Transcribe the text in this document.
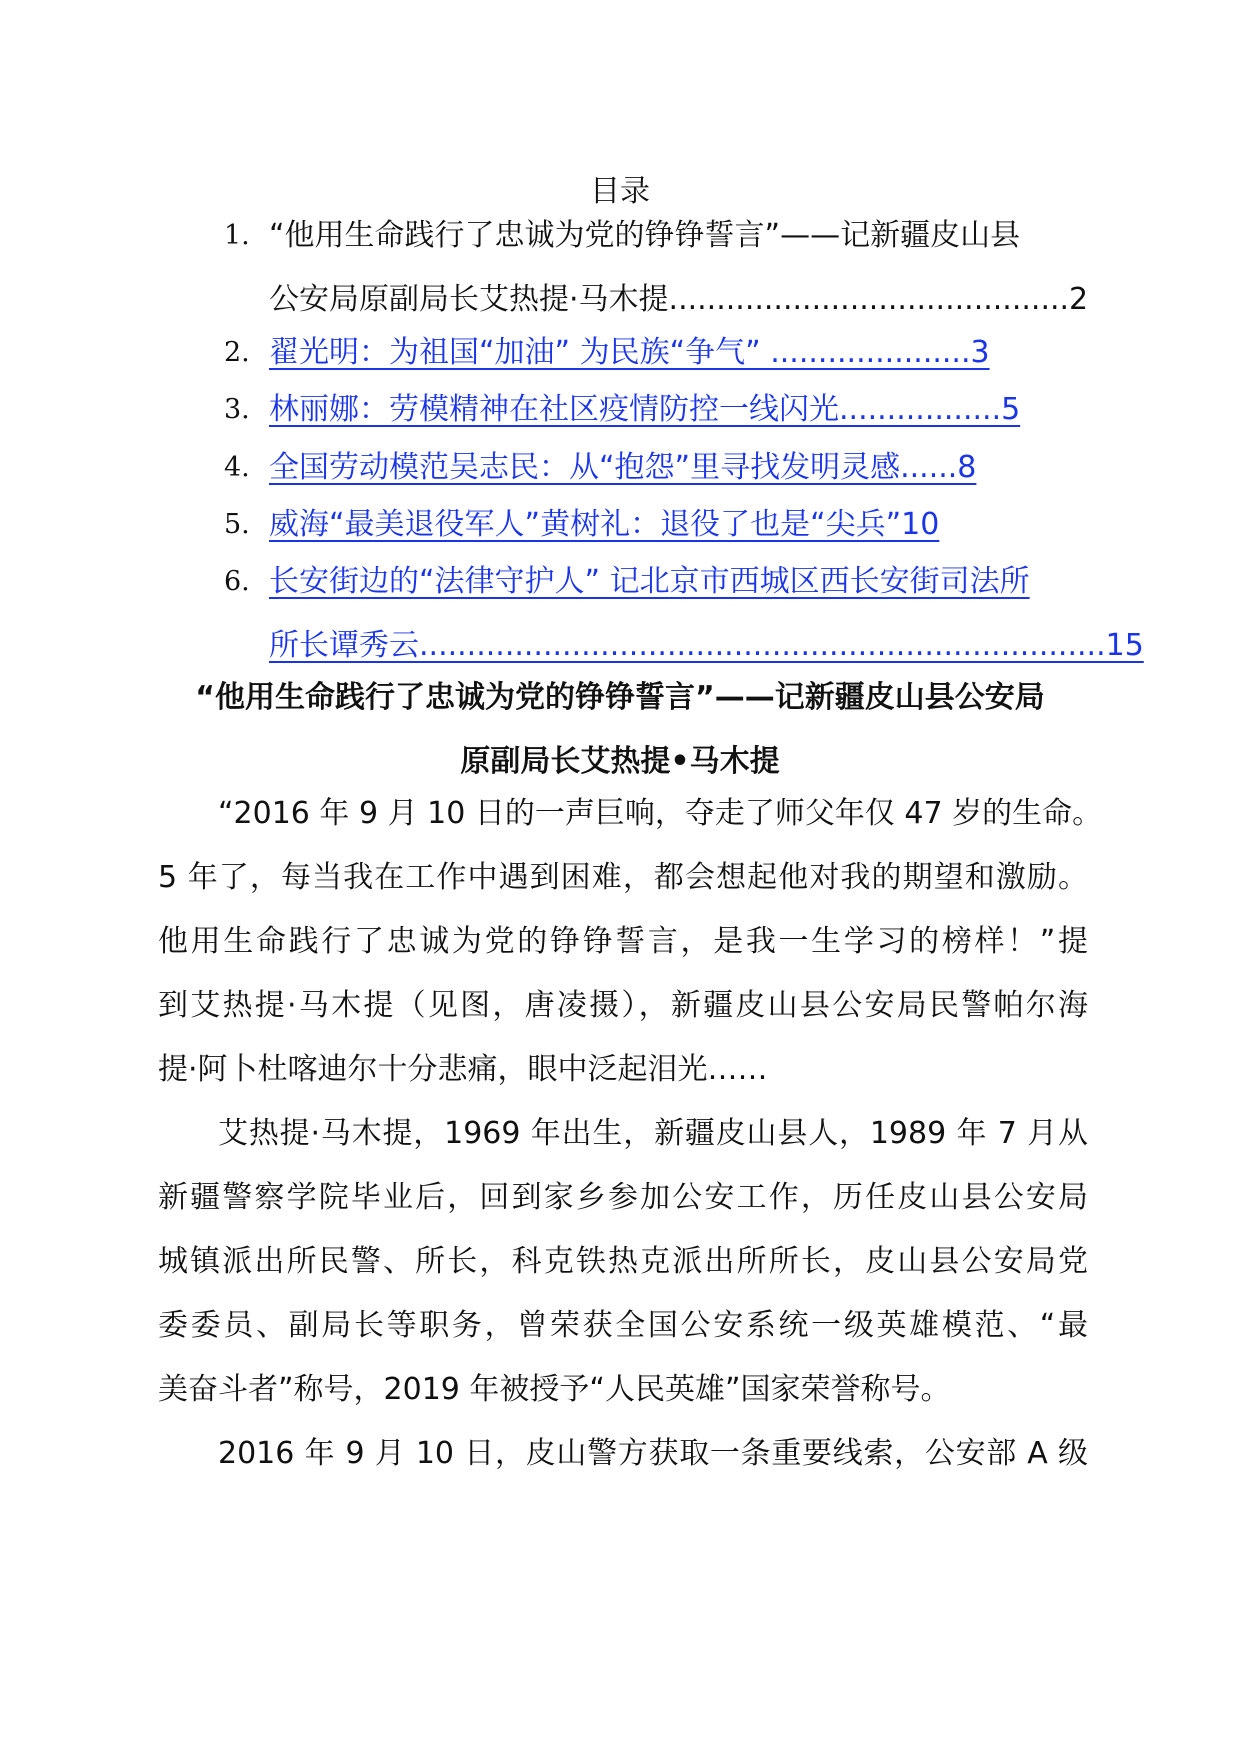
目录
1. “他用生命践行了忠诚为党的铮铮誓言”——记新疆皮山县
公安局原副局长艾热提·马木提..........................................2
2. 翟光明：为祖国“加油” 为民族“争气” .....................3
3. 林丽娜：劳模精神在社区疫情防控一线闪光.................5
4. 全国劳动模范吴志民：从“抱怨”里寻找发明灵感......8
5. 威海“最美退役军人”黄树礼：退役了也是“尖兵”10
6. 长安街边的“法律守护人” 记北京市西城区西长安街司法所
所长谭秀云........................................................................15
“他用生命践行了忠诚为党的铮铮誓言”——记新疆皮山县公安局
原副局长艾热提•马木提
“2016 年 9 月 10 日的一声巨响，夺走了师父年仅 47 岁的生命。
5 年了，每当我在工作中遇到困难，都会想起他对我的期望和激励。
他用生命践行了忠诚为党的铮铮誓言，是我一生学习的榜样！”提
到艾热提·马木提（见图，唐凌摄），新疆皮山县公安局民警帕尔海
提·阿卜杜喀迪尔十分悲痛，眼中泛起泪光……
艾热提·马木提，1969 年出生，新疆皮山县人，1989 年 7 月从
新疆警察学院毕业后，回到家乡参加公安工作，历任皮山县公安局
城镇派出所民警、所长，科克铁热克派出所所长，皮山县公安局党
委委员、副局长等职务，曾荣获全国公安系统一级英雄模范、“最
美奋斗者”称号，2019 年被授予“人民英雄”国家荣誉称号。
2016 年 9 月 10 日，皮山警方获取一条重要线索，公安部 A 级
